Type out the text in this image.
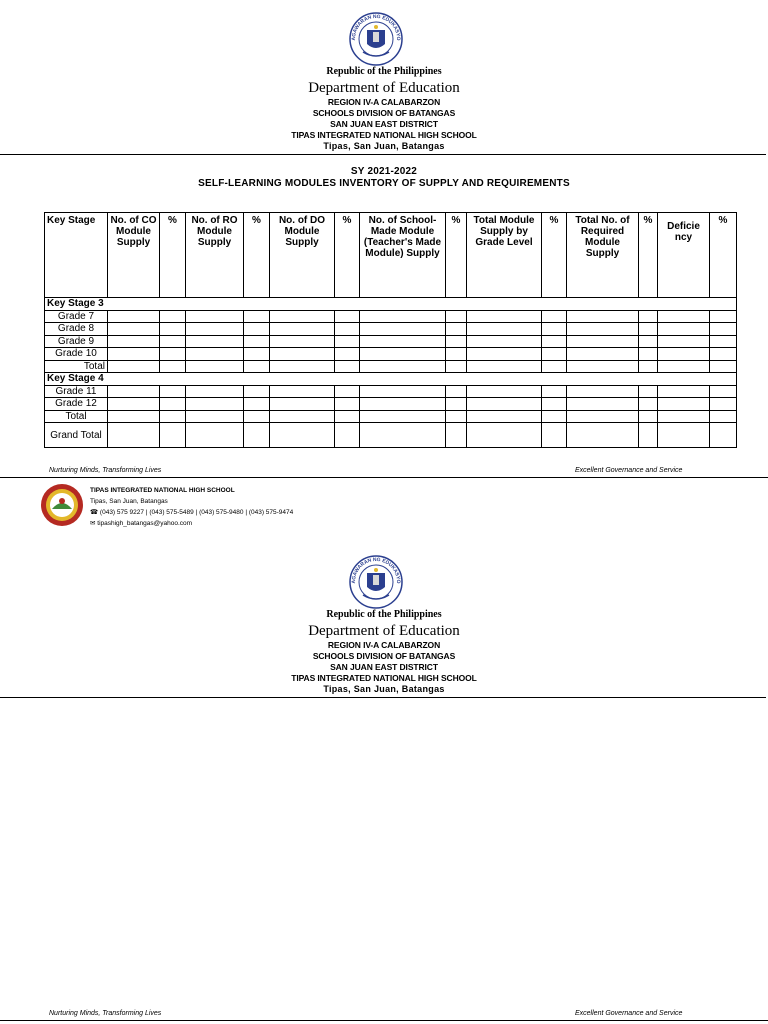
AGAWARAN NG EDUKASYO
Republic of the Philippines
Department of Education
REGION IV-A CALABARZON
SCHOOLS DIVISION OF BATANGAS
SAN JUAN EAST DISTRICT
TIPAS INTEGRATED NATIONAL HIGH SCHOOL
Tipas, San Juan, Batangas
SY 2021-2022
SELF-LEARNING MODULES INVENTORY OF SUPPLY AND REQUIREMENTS
Key Stage	No. of CO Module Supply	%	No. of RO Module Supply	%	No. of DO Module Supply	%	No. of School-Made Module (Teacher's Made Module) Supply	%	Total Module Supply by Grade Level	%	Total No. of Required Module Supply	%	Deficie ncy	%
Key Stage 3														
Grade 7														
Grade 8														
Grade 9														
Grade 10														
Total														
Key Stage 4														
Grade 11														
Grade 12														
Total														
Grand Total														
Nurturing Minds, Transforming Lives	Excellent Governance and Service
TIPAS INTEGRATED NATIONAL HIGH SCHOOL
Tipas, San Juan, Batangas
☎ (043) 575 9227 | (043) 575-5489 | (043) 575-9480 | (043) 575-9474
✉ tipashigh_batangas@yahoo.com
AGAWARAN NG EDUKASYO
Republic of the Philippines
Department of Education
REGION IV-A CALABARZON
SCHOOLS DIVISION OF BATANGAS
SAN JUAN EAST DISTRICT
TIPAS INTEGRATED NATIONAL HIGH SCHOOL
Tipas, San Juan, Batangas
Nurturing Minds, Transforming Lives	Excellent Governance and Service
